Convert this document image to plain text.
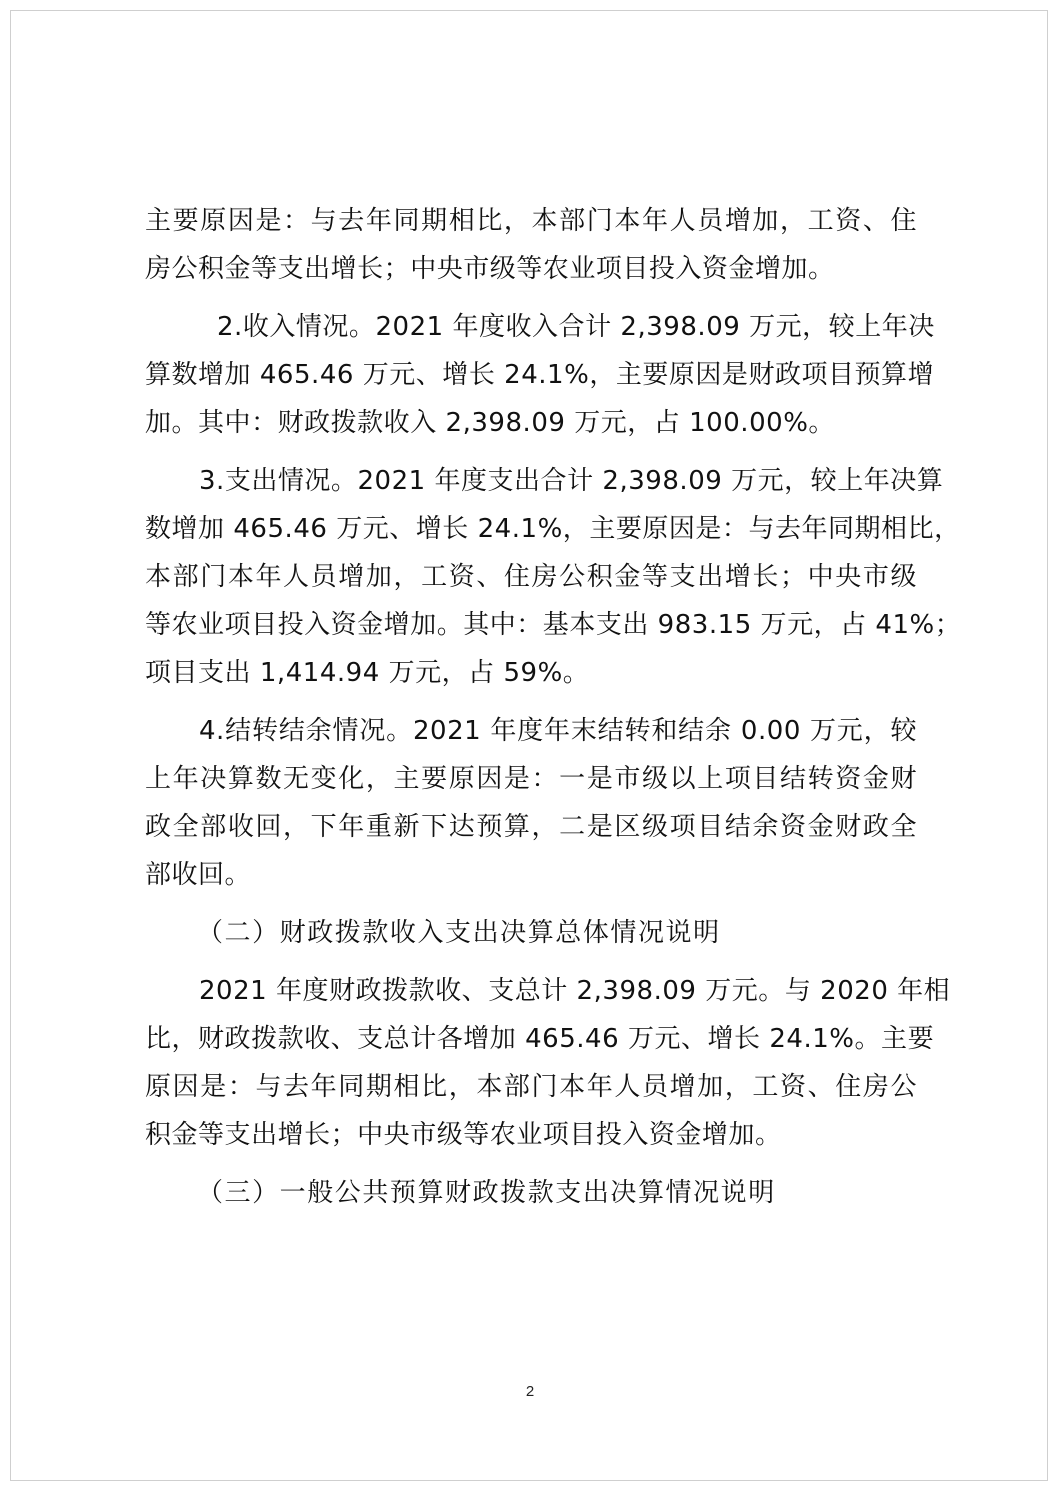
主要原因是：与去年同期相比，本部门本年人员增加，工资、住
房公积金等支出增长；中央市级等农业项目投入资金增加。
2.收入情况。2021 年度收入合计 2,398.09 万元，较上年决
算数增加 465.46 万元、增长 24.1%，主要原因是财政项目预算增
加。其中：财政拨款收入 2,398.09 万元，占 100.00%。
3.支出情况。2021 年度支出合计 2,398.09 万元，较上年决算
数增加 465.46 万元、增长 24.1%，主要原因是：与去年同期相比，
本部门本年人员增加，工资、住房公积金等支出增长；中央市级
等农业项目投入资金增加。其中：基本支出 983.15 万元，占 41%；
项目支出 1,414.94 万元，占 59%。
4.结转结余情况。2021 年度年末结转和结余 0.00 万元，较
上年决算数无变化，主要原因是：一是市级以上项目结转资金财
政全部收回，下年重新下达预算，二是区级项目结余资金财政全
部收回。
（二）财政拨款收入支出决算总体情况说明
2021 年度财政拨款收、支总计 2,398.09 万元。与 2020 年相
比，财政拨款收、支总计各增加 465.46 万元、增长 24.1%。主要
原因是：与去年同期相比，本部门本年人员增加，工资、住房公
积金等支出增长；中央市级等农业项目投入资金增加。
（三）一般公共预算财政拨款支出决算情况说明
2
